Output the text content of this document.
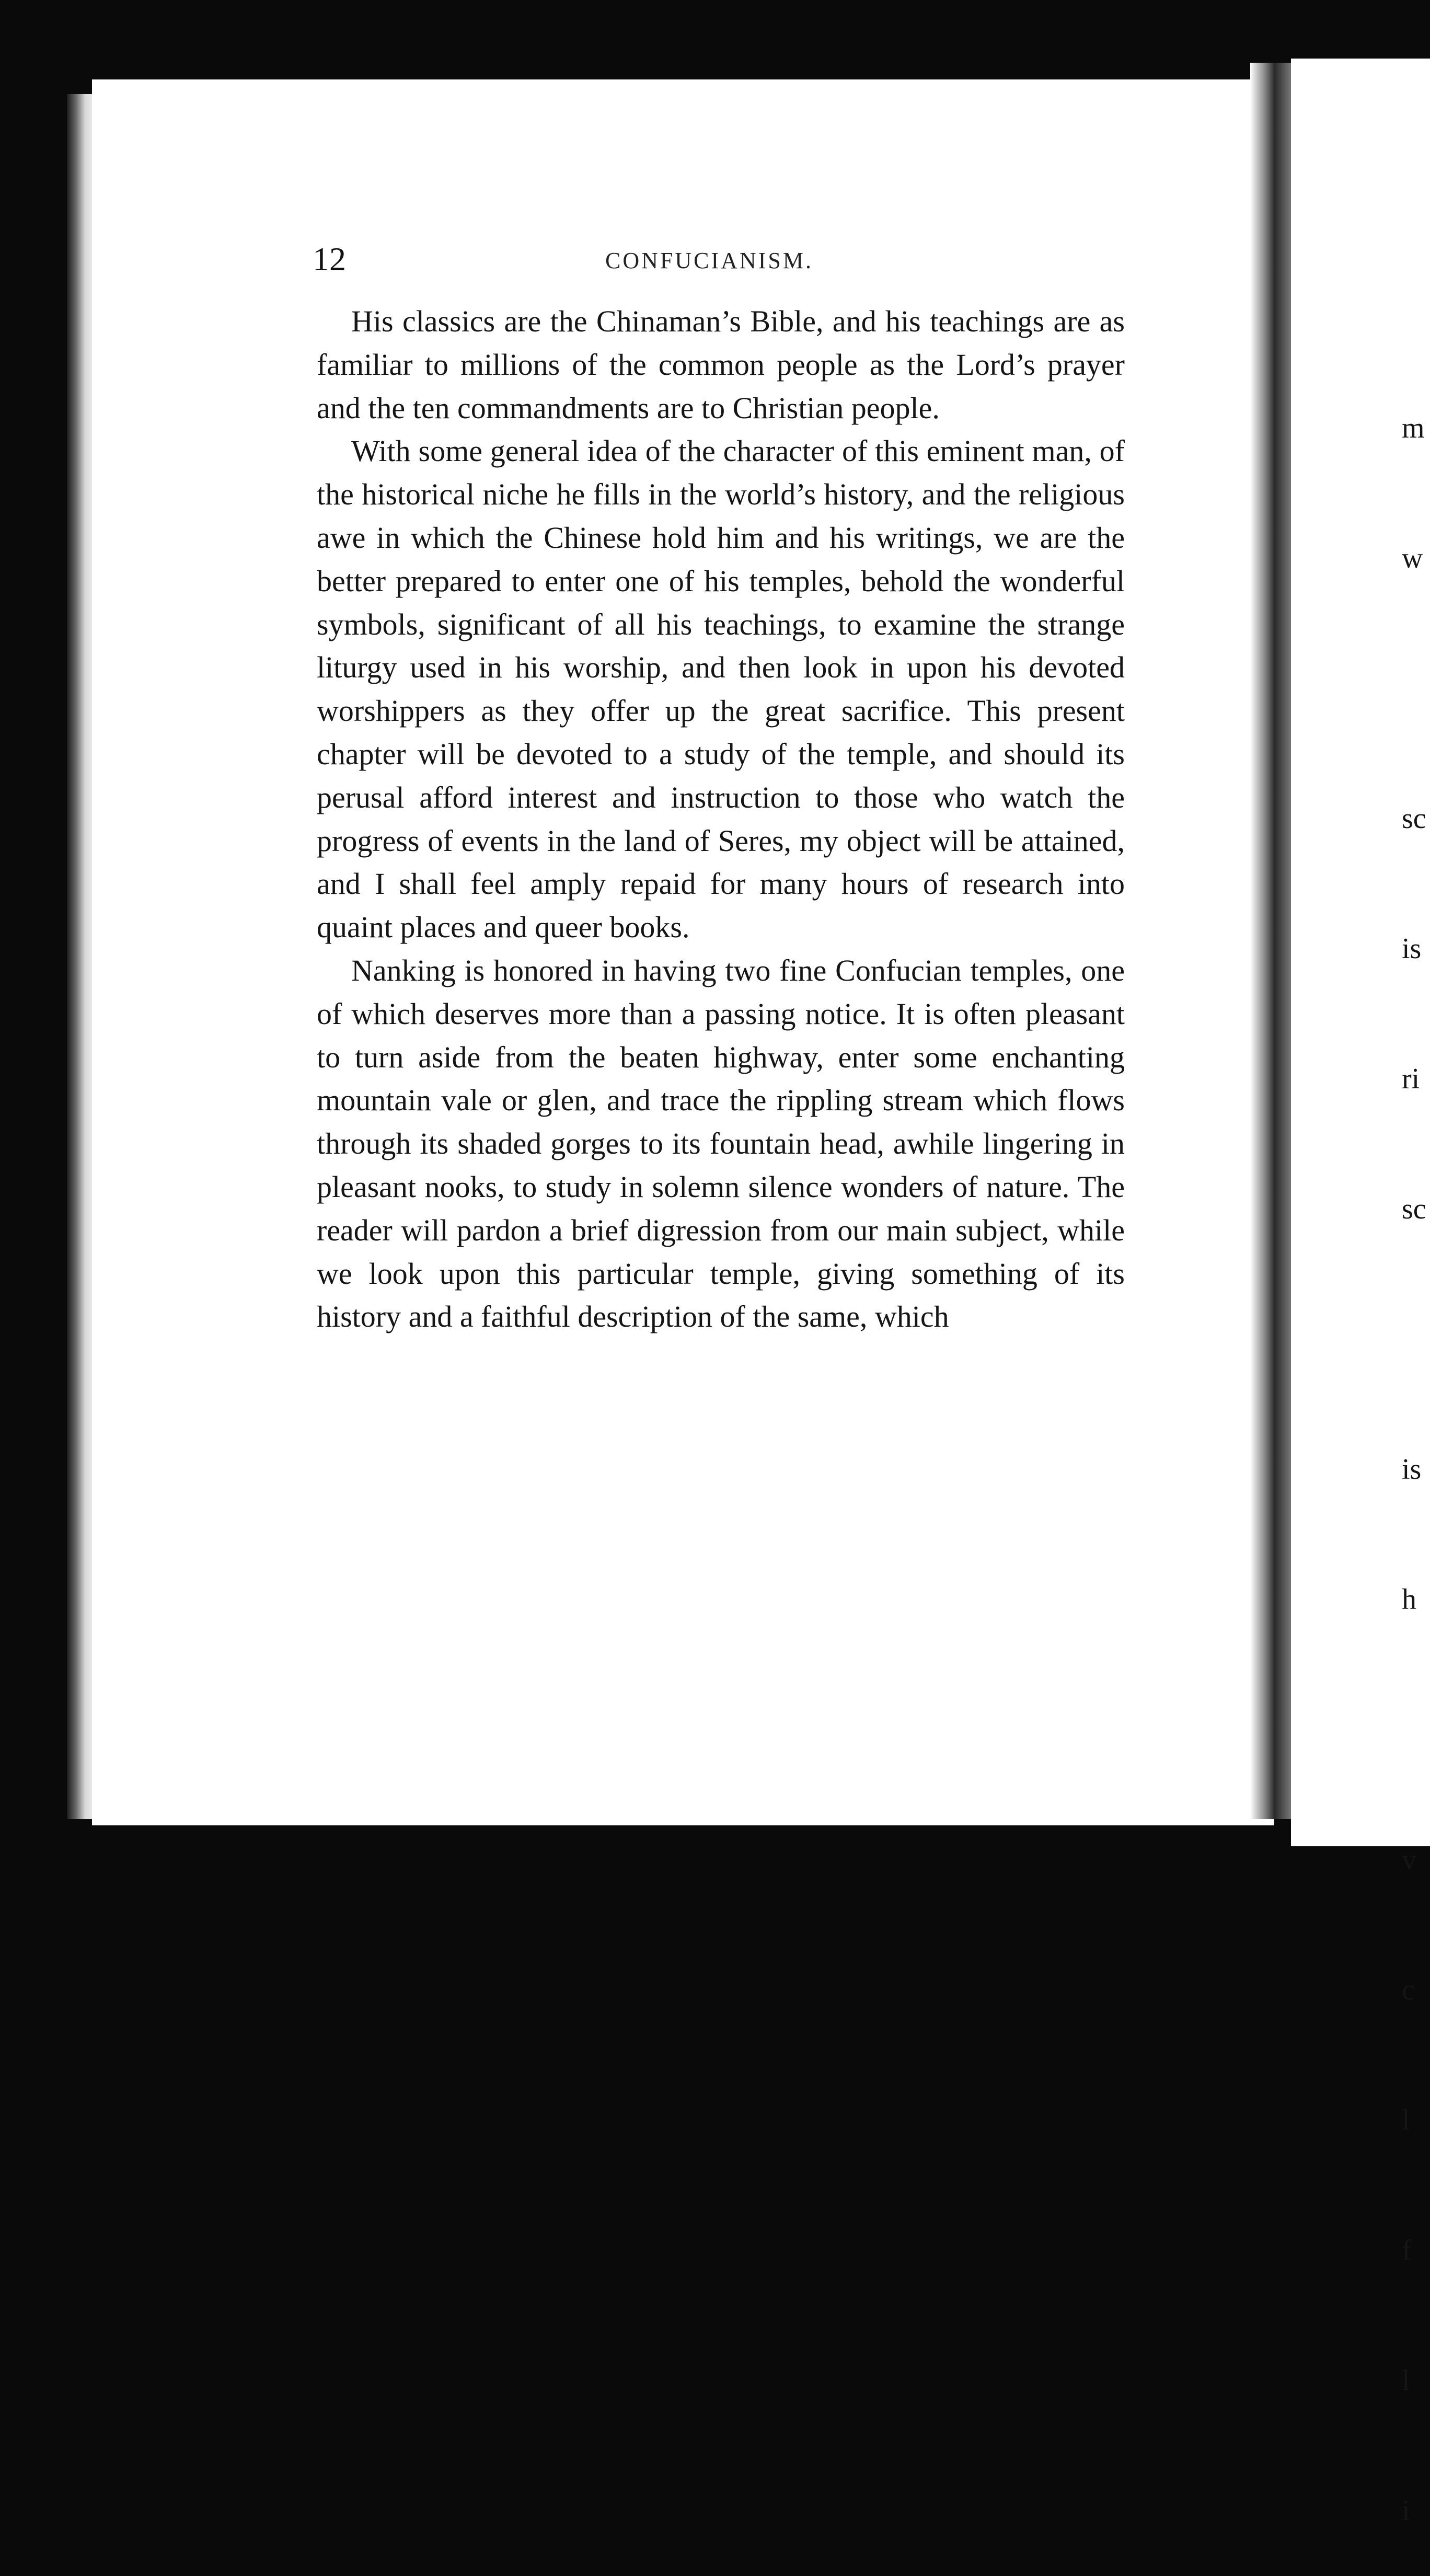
12	CONFUCIANISM.

His classics are the Chinaman’s Bible, and his teachings are as familiar to millions of the common people as the Lord’s prayer and the ten commandments are to Christian people.

With some general idea of the character of this eminent man, of the historical niche he fills in the world’s history, and the religious awe in which the Chinese hold him and his writings, we are the better prepared to enter one of his temples, behold the wonderful symbols, significant of all his teachings, to examine the strange liturgy used in his worship, and then look in upon his devoted worshippers as they offer up the great sacrifice. This present chapter will be devoted to a study of the temple, and should its perusal afford interest and instruction to those who watch the progress of events in the land of Seres, my object will be attained, and I shall feel amply repaid for many hours of research into quaint places and queer books.

Nanking is honored in having two fine Confucian temples, one of which deserves more than a passing notice. It is often pleasant to turn aside from the beaten highway, enter some enchanting mountain vale or glen, and trace the rippling stream which flows through its shaded gorges to its fountain head, awhile lingering in pleasant nooks, to study in solemn silence wonders of nature. The reader will pardon a brief digression from our main subject, while we look upon this particular temple, giving something of its history and a faithful description of the same, which

m

w

sc

is

ri

sc

is

h

v

c

l

f

l

i
